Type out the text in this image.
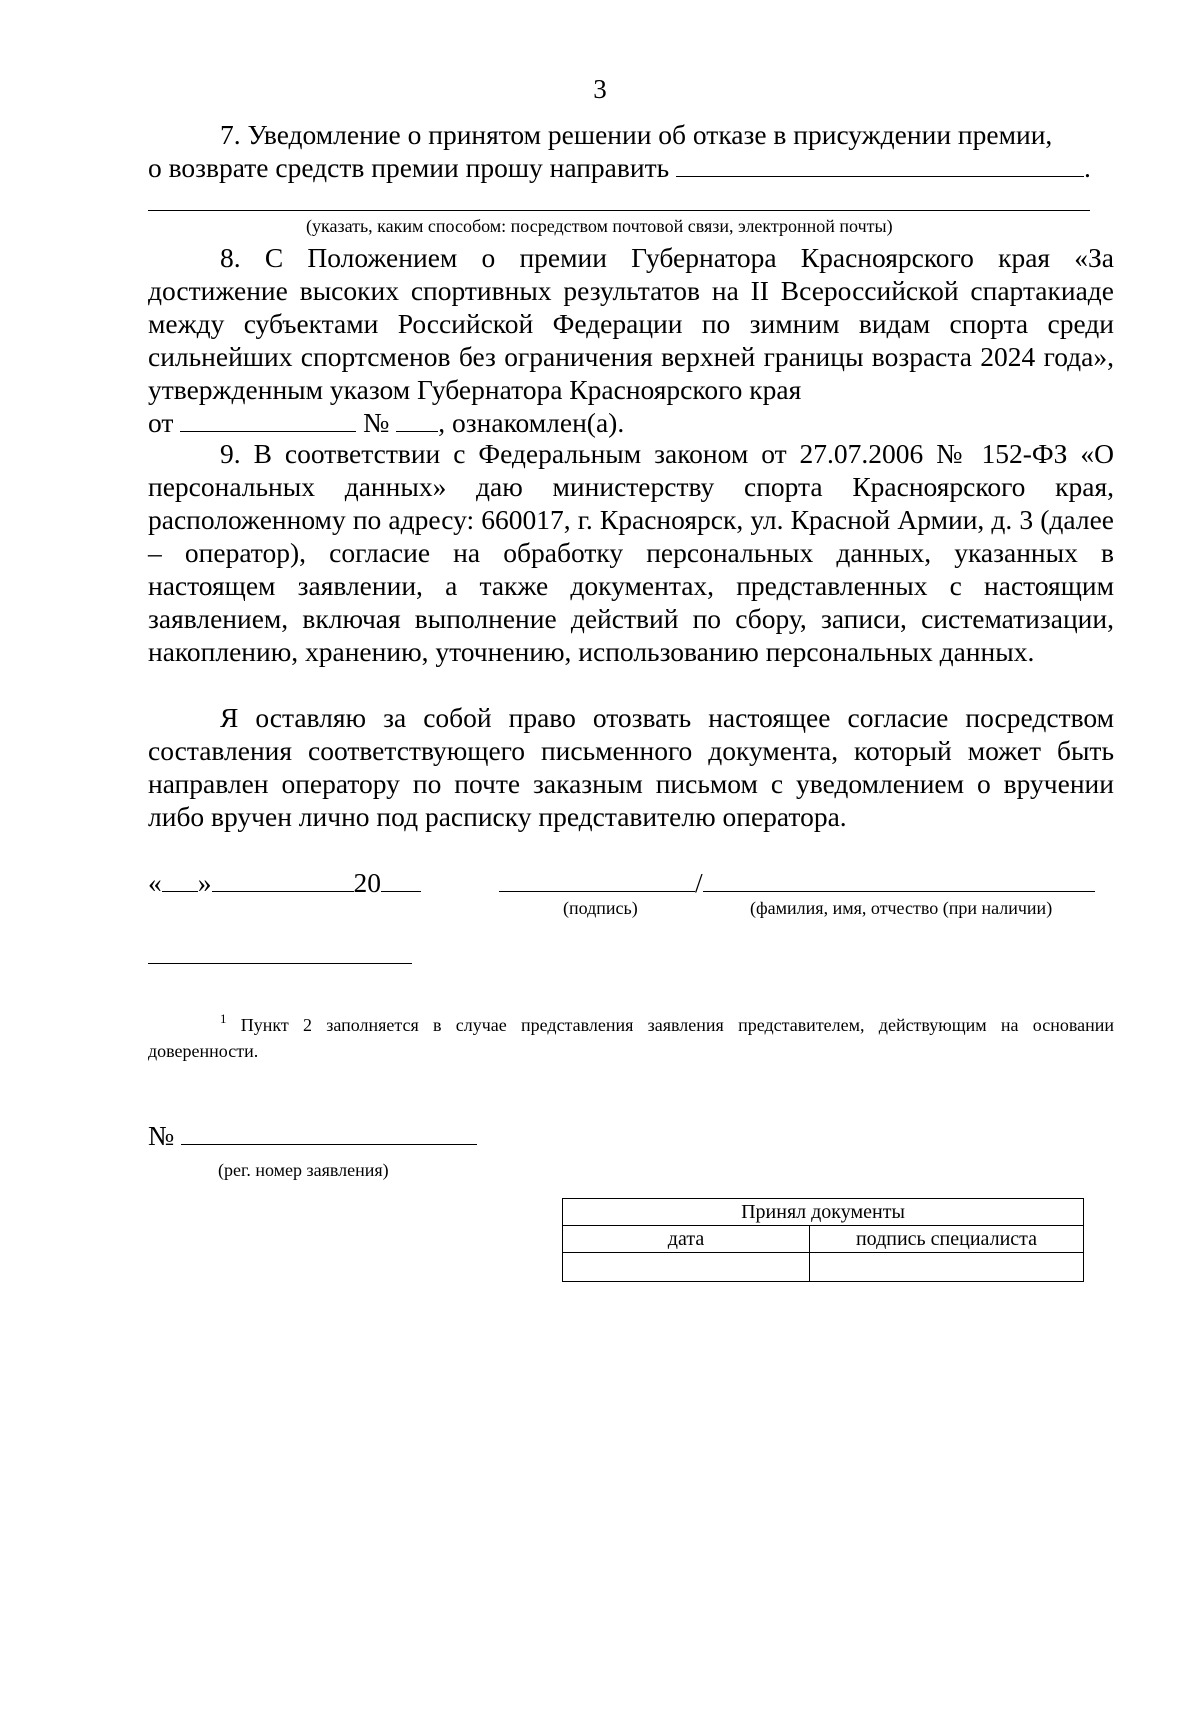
3

7. Уведомление о принятом решении об отказе в присуждении премии,

о возврате средств премии прошу направить	.

(указать, каким способом: посредством почтовой связи, электронной почты)

8. С Положением о премии Губернатора Красноярского края «За достижение высоких спортивных результатов на II Всероссийской спартакиаде между субъектами Российской Федерации по зимним видам спорта среди сильнейших спортсменов без ограничения верхней границы возраста 2024 года», утвержденным указом Губернатора Красноярского края

от	№ , ознакомлен(а).

9. В соответствии с Федеральным законом от 27.07.2006 № 152-ФЗ «О персональных данных» даю министерству спорта Красноярского края, расположенному по адресу: 660017, г. Красноярск, ул. Красной Армии, д. 3 (далее – оператор), согласие на обработку персональных данных, указанных в настоящем заявлении, а также документах, представленных с настоящим заявлением, включая выполнение действий по сбору, записи, систематизации, накоплению, хранению, уточнению, использованию персональных данных.

Я оставляю за собой право отозвать настоящее согласие посредством составления соответствующего письменного документа, который может быть направлен оператору по почте заказным письмом с уведомлением о вручении либо вручен лично под расписку представителю оператора.

« »	20	/
(подпись)	(фамилия, имя, отчество (при наличии)
$^1$ Пункт 2 заполняется в случае представления заявления представителем, действующим на основании доверенности.
№
(рег. номер заявления)
Принял документы	
дата	подпись специалиста
